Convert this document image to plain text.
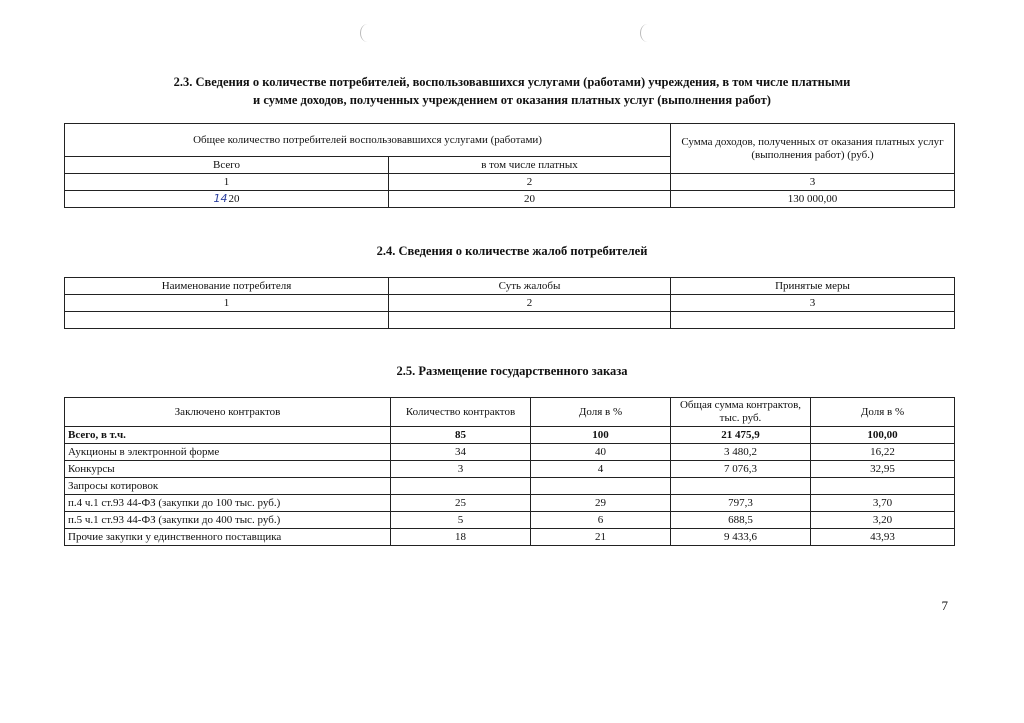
2.3. Сведения о количестве потребителей, воспользовавшихся услугами (работами) учреждения, в том числе платными
и сумме доходов, полученных учреждением от оказания платных услуг (выполнения работ)
Общее количество потребителей воспользовавшихся услугами (работами)		Сумма доходов, полученных от оказания платных услуг (выполнения работ) (руб.)
Всего	в том числе платных	
1	2	3
1420	20	130 000,00
2.4. Сведения о количестве жалоб потребителей
Наименование потребителя	Суть жалобы	Принятые меры
1	2	3

2.5. Размещение государственного заказа
Заключено контрактов	Количество контрактов	Доля в %	Общая сумма контрактов, тыс. руб.	Доля в %
Всего, в т.ч.	85	100	21 475,9	100,00
Аукционы в электронной форме	34	40	3 480,2	16,22
Конкурсы	3	4	7 076,3	32,95
Запросы котировок				
п.4 ч.1 ст.93 44-ФЗ (закупки до 100 тыс. руб.)	25	29	797,3	3,70
п.5 ч.1 ст.93 44-ФЗ (закупки до 400 тыс. руб.)	5	6	688,5	3,20
Прочие закупки у единственного поставщика	18	21	9 433,6	43,93
7
